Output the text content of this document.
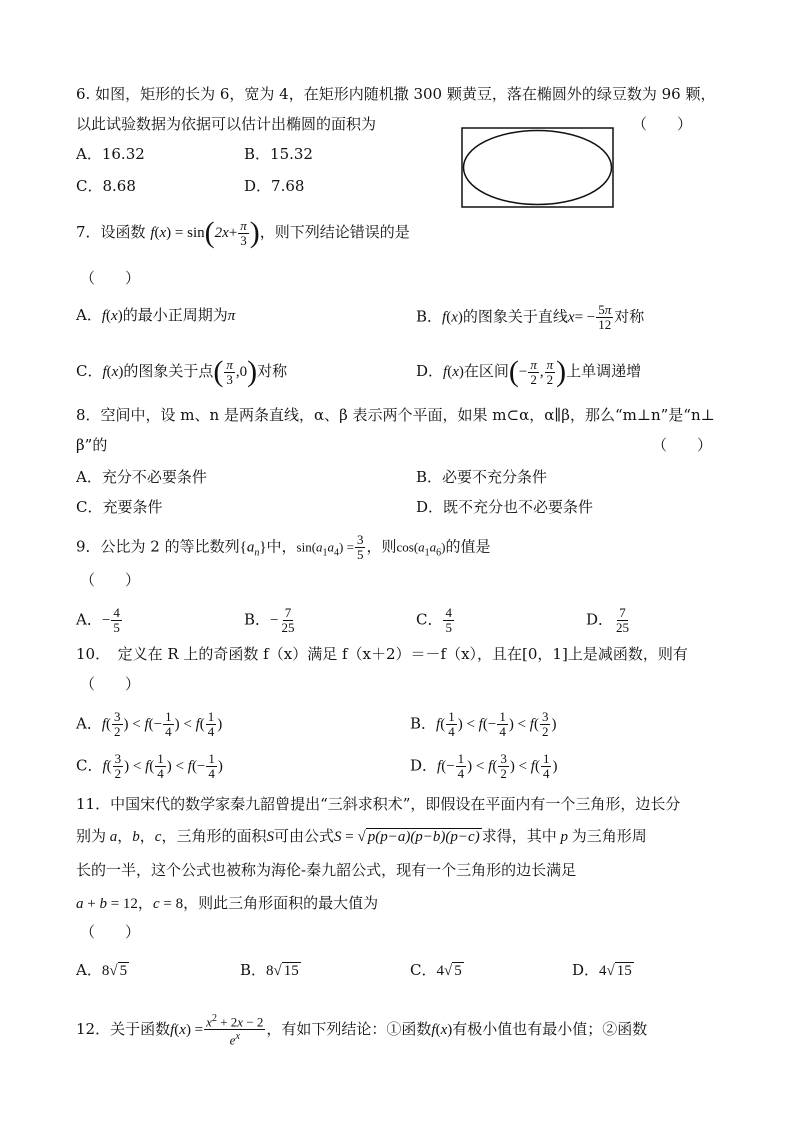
6. 如图，矩形的长为 6，宽为 4，在矩形内随机撒 300 颗黄豆，落在椭圆外的绿豆数为 96 颗，
以此试验数据为依据可以估计出椭圆的面积为	（　　）
A．16.32	B．15.32
C．8.68	D．7.68
7．设函数 $f(x) = \sin(2x+ \frac{\pi}{3}$ )，则下列结论错误的是
（　　）
A．f(x)的最小正周期为π	B．f(x)的图象关于直线$x= - \frac{5\pi}{12}$ 对称
C．f(x)的图象关于点( $\frac{\pi}{3} ,0$)对称	D．f(x)在区间(− $\frac{\pi}{2}$ , $\frac{\pi}{2}$ )上单调递增
8．空间中，设 m、n 是两条直线，α、β 表示两个平面，如果 m⊂α，α∥β，那么“m⊥n”是“n⊥
β”的	（　　）
A．充分不必要条件	B．必要不充分条件
C．充要条件	D．既不充分也不必要条件
9．公比为 2 的等比数列$\{a_n\}$中，$\sin(a_1a_4) = \frac{3}{5}$ ，则$\cos(a_1a_6)$的值是
（　　）
A．− $\frac{4}{5}$	B．− $\frac{7}{25}$	C． $\frac{4}{5}$	D． $\frac{7}{25}$
10．　定义在 R 上的奇函数 f（x）满足 f（x＋2）＝－f（x），且在[0，1]上是减函数，则有
（　　）
A．$f( \frac{3}{2}$ ) < $f(- \frac{1}{4}$ ) < $f( \frac{1}{4}$ )	B．$f( \frac{1}{4}$ ) < $f(- \frac{1}{4}$ ) < $f( \frac{3}{2}$ )
C．$f( \frac{3}{2}$ ) < $f( \frac{1}{4}$ ) < $f(- \frac{1}{4}$ )	D．$f(- \frac{1}{4}$ ) < $f( \frac{3}{2}$ ) < $f( \frac{1}{4}$ )
11．中国宋代的数学家秦九韶曾提出“三斜求积术”，即假设在平面内有一个三角形，边长分
别为 a，b，c，三角形的面积S可由公式S = √ p(p−a)(p−b)(p−c) 求得，其中 p 为三角形周
长的一半，这个公式也被称为海伦-秦九韶公式，现有一个三角形的边长满足
a + b = 12，c = 8，则此三角形面积的最大值为
（　　）
A．8√ 5	B．8√ 15	C．4√ 5	D．4√ 15
12．关于函数$f(x) = \frac{x^2 + 2x - 2}{e^x}$ ，有如下列结论：①函数f(x)有极小值也有最小值；②函数
